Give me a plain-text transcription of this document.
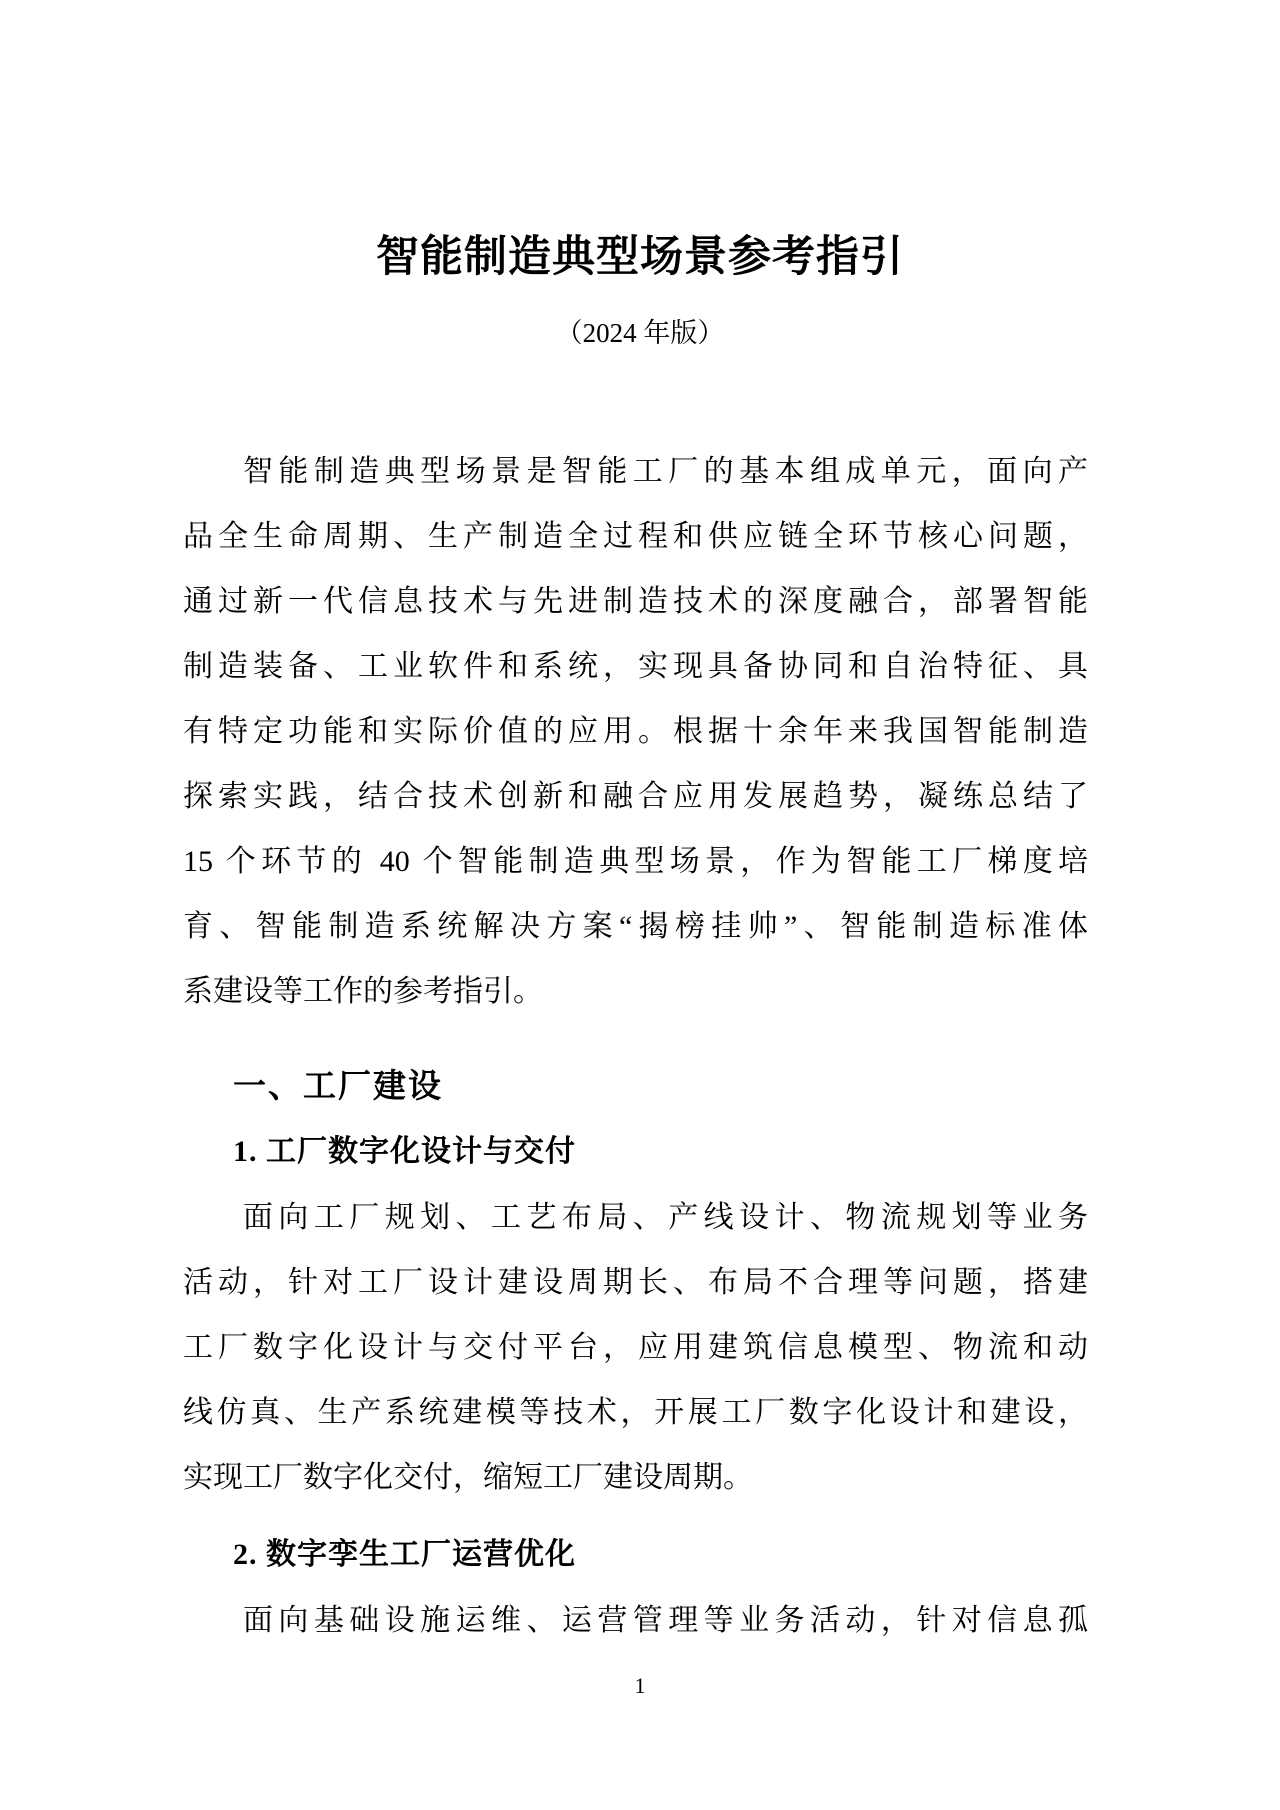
智能制造典型场景参考指引
（2024 年版）
智能制造典型场景是智能工厂的基本组成单元，面向产
品全生命周期、生产制造全过程和供应链全环节核心问题，
通过新一代信息技术与先进制造技术的深度融合，部署智能
制造装备、工业软件和系统，实现具备协同和自治特征、具
有特定功能和实际价值的应用。根据十余年来我国智能制造
探索实践，结合技术创新和融合应用发展趋势，凝练总结了
15 个环节的 40 个智能制造典型场景，作为智能工厂梯度培
育、智能制造系统解决方案“揭榜挂帅”、智能制造标准体
系建设等工作的参考指引。
一、工厂建设
1. 工厂数字化设计与交付
面向工厂规划、工艺布局、产线设计、物流规划等业务
活动，针对工厂设计建设周期长、布局不合理等问题，搭建
工厂数字化设计与交付平台，应用建筑信息模型、物流和动
线仿真、生产系统建模等技术，开展工厂数字化设计和建设，
实现工厂数字化交付，缩短工厂建设周期。
2. 数字孪生工厂运营优化
面向基础设施运维、运营管理等业务活动，针对信息孤
1
